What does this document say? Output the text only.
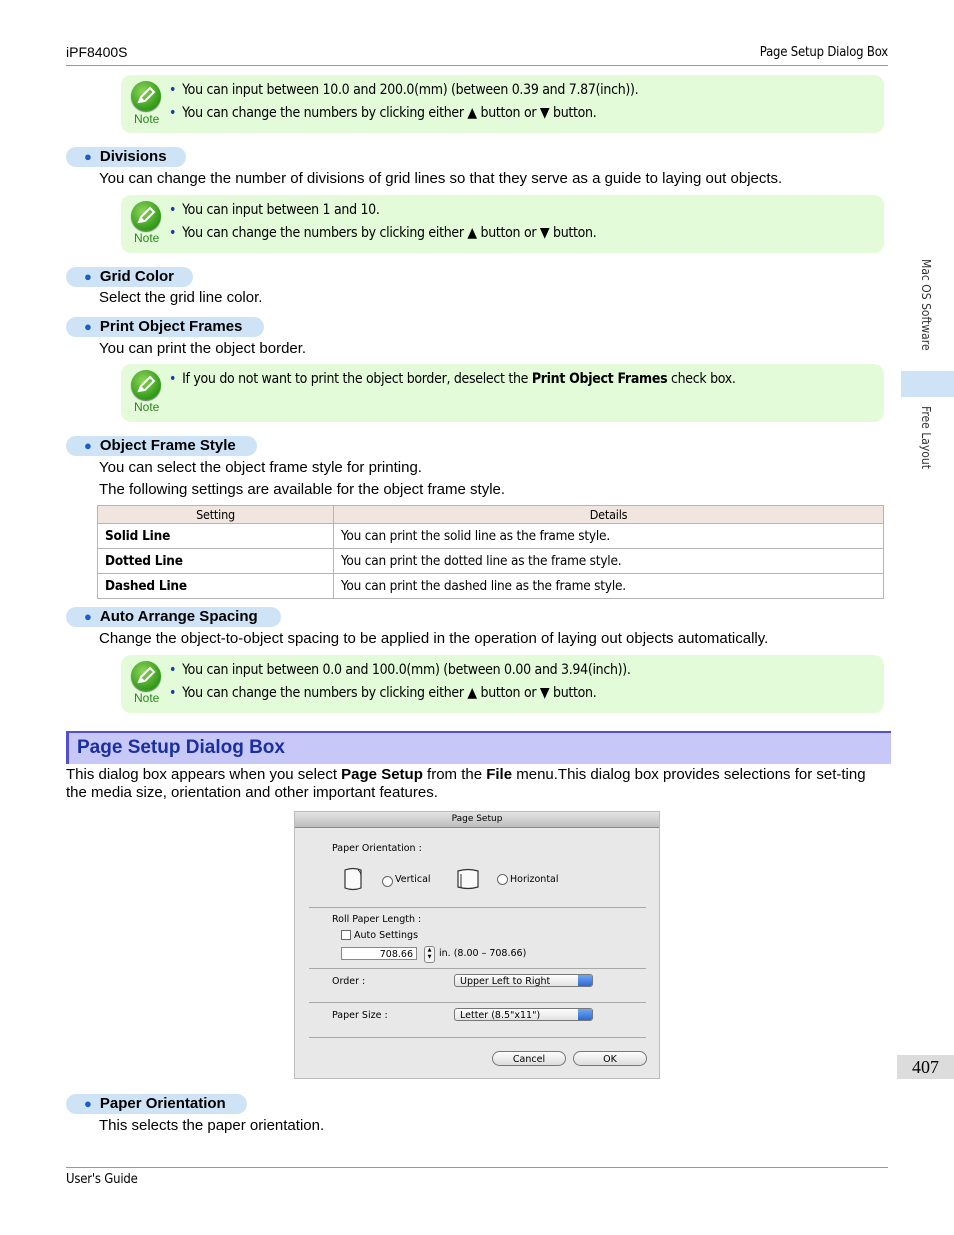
iPF8400S	Page Setup Dialog Box
Note
• You can input between 10.0 and 200.0(mm) (between 0.39 and 7.87(inch)).
• You can change the numbers by clicking either ▲ button or ▼ button.
● Divisions
You can change the number of divisions of grid lines so that they serve as a guide to laying out objects.
Note
• You can input between 1 and 10.
• You can change the numbers by clicking either ▲ button or ▼ button.
● Grid Color
Select the grid line color.
● Print Object Frames
You can print the object border.
Note
• If you do not want to print the object border, deselect the Print Object Frames check box.
● Object Frame Style
You can select the object frame style for printing.
The following settings are available for the object frame style.
Setting	Details
Solid Line	You can print the solid line as the frame style.
Dotted Line	You can print the dotted line as the frame style.
Dashed Line	You can print the dashed line as the frame style.
● Auto Arrange Spacing
Change the object-to-object spacing to be applied in the operation of laying out objects automatically.
Note
• You can input between 0.0 and 100.0(mm) (between 0.00 and 3.94(inch)).
• You can change the numbers by clicking either ▲ button or ▼ button.
Page Setup Dialog Box
This dialog box appears when you select Page Setup from the File menu.This dialog box provides selections for set-ting the media size, orientation and other important features.
Page Setup
Paper Orientation :
Vertical	Horizontal
Roll Paper Length :
Auto Settings
708.66	▲
▼ in. (8.00 – 708.66)
Order :	Upper Left to Right
Paper Size :	Letter (8.5"x11")
Cancel	OK
● Paper Orientation
This selects the paper orientation.
Mac OS Software
Free Layout
407
User's Guide
